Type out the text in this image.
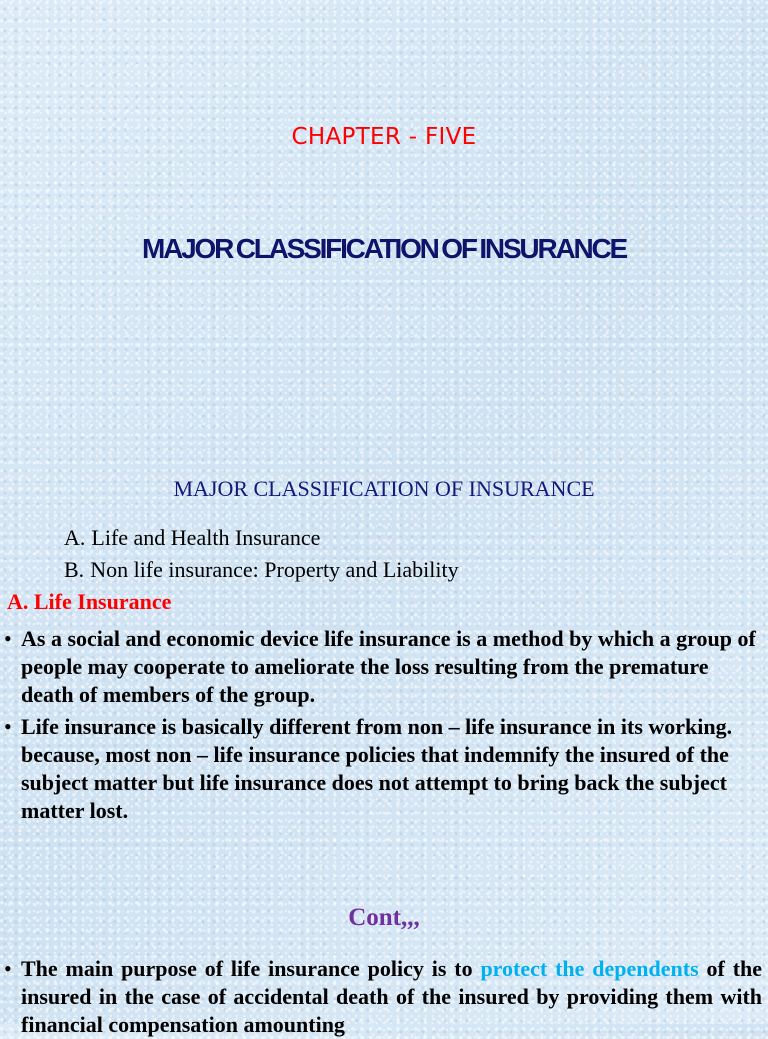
CHAPTER - FIVE
MAJOR CLASSIFICATION OF INSURANCE
MAJOR CLASSIFICATION OF INSURANCE
A. Life and Health Insurance
B. Non life insurance: Property and Liability
A. Life Insurance
• As a social and economic device life insurance is a method by which a group of people may cooperate to ameliorate the loss resulting from the premature death of members of the group.
• Life insurance is basically different from non – life insurance in its working. because, most non – life insurance policies that indemnify the insured of the subject matter but life insurance does not attempt to bring back the subject matter lost.
Cont,,,
• The main purpose of life insurance policy is to protect the dependents of the insured in the case of accidental death of the insured by providing them with financial compensation amounting
